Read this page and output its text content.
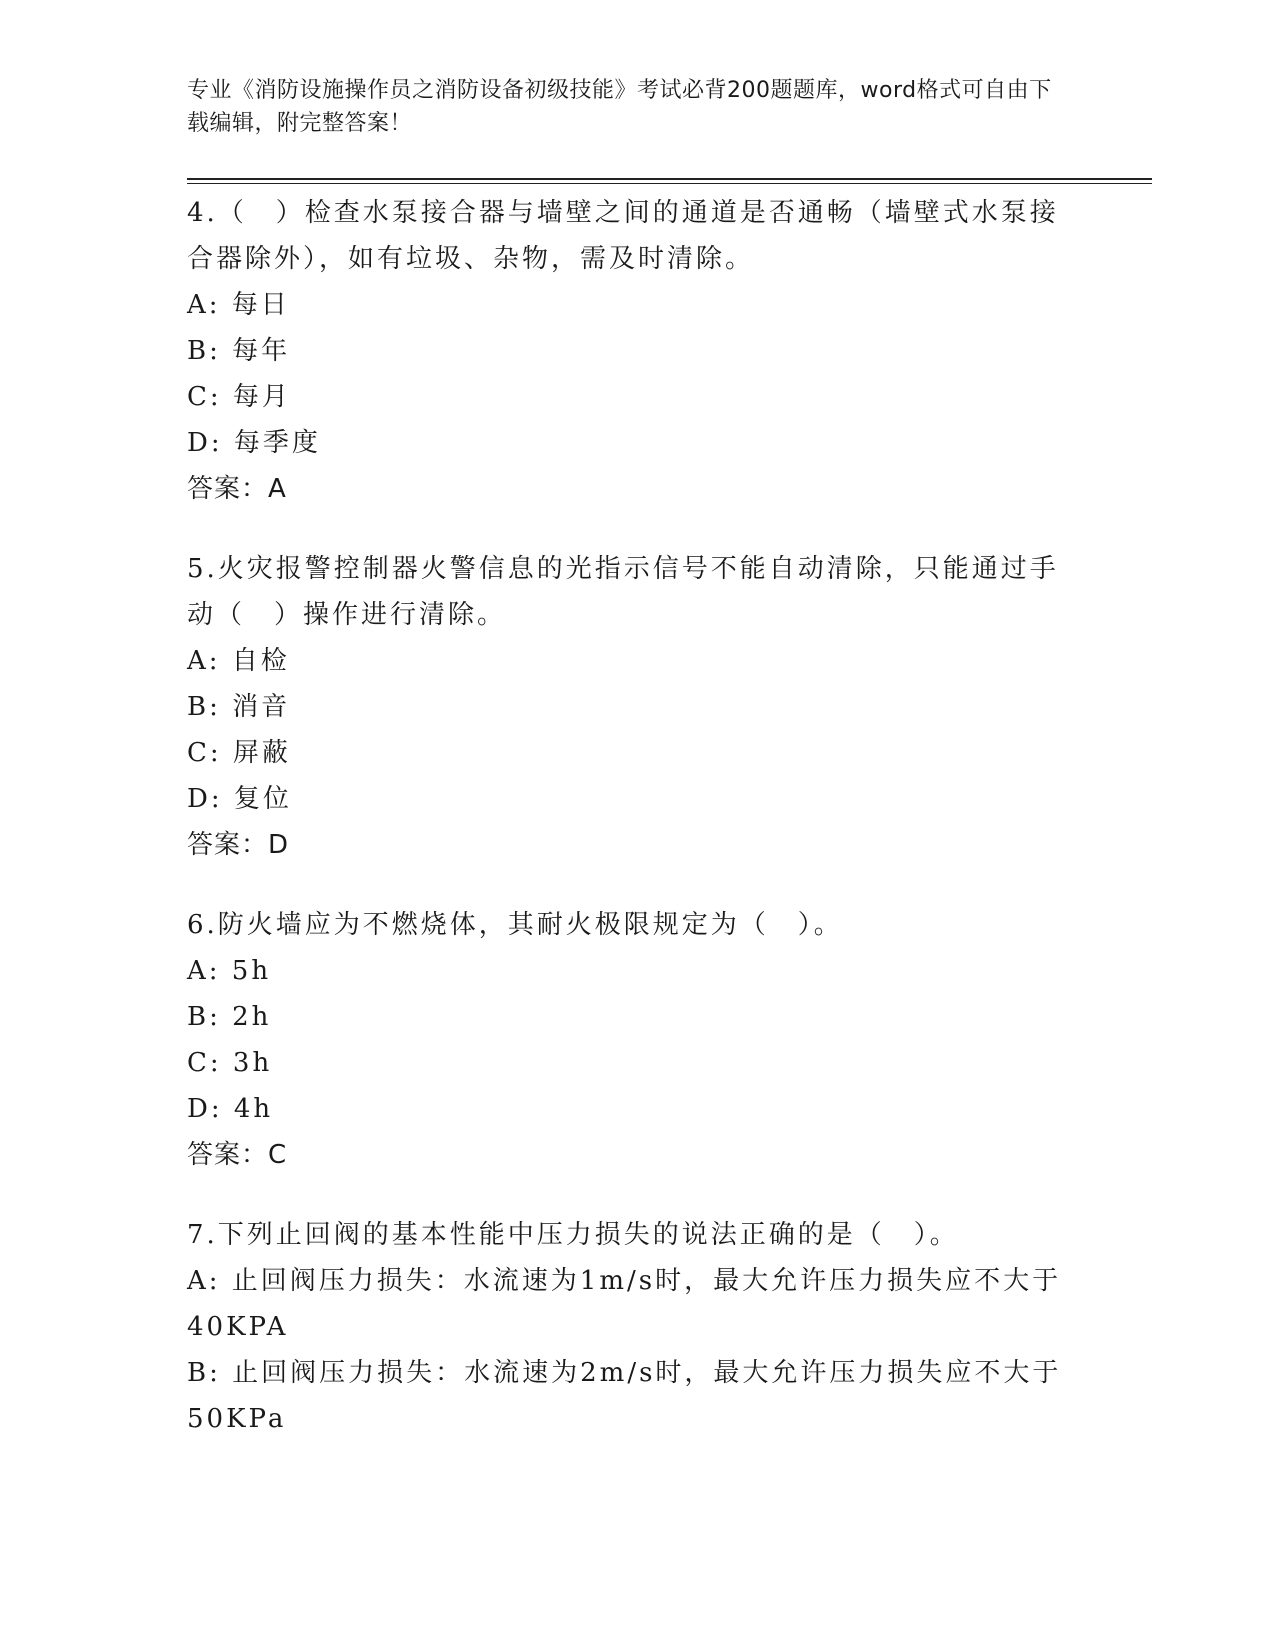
专业《消防设施操作员之消防设备初级技能》考试必背200题题库，word格式可自由下载编辑，附完整答案！
4.（　）检查水泵接合器与墙壁之间的通道是否通畅（墙壁式水泵接合器除外），如有垃圾、杂物，需及时清除。
A: 每日
B: 每年
C: 每月
D: 每季度
答案：A
5.火灾报警控制器火警信息的光指示信号不能自动清除，只能通过手动（　）操作进行清除。
A: 自检
B: 消音
C: 屏蔽
D: 复位
答案：D
6.防火墙应为不燃烧体，其耐火极限规定为（　）。
A: 5h
B: 2h
C: 3h
D: 4h
答案：C
7.下列止回阀的基本性能中压力损失的说法正确的是（　）。
A: 止回阀压力损失：水流速为1m/s时，最大允许压力损失应不大于40KPA
B: 止回阀压力损失：水流速为2m/s时，最大允许压力损失应不大于50KPa
